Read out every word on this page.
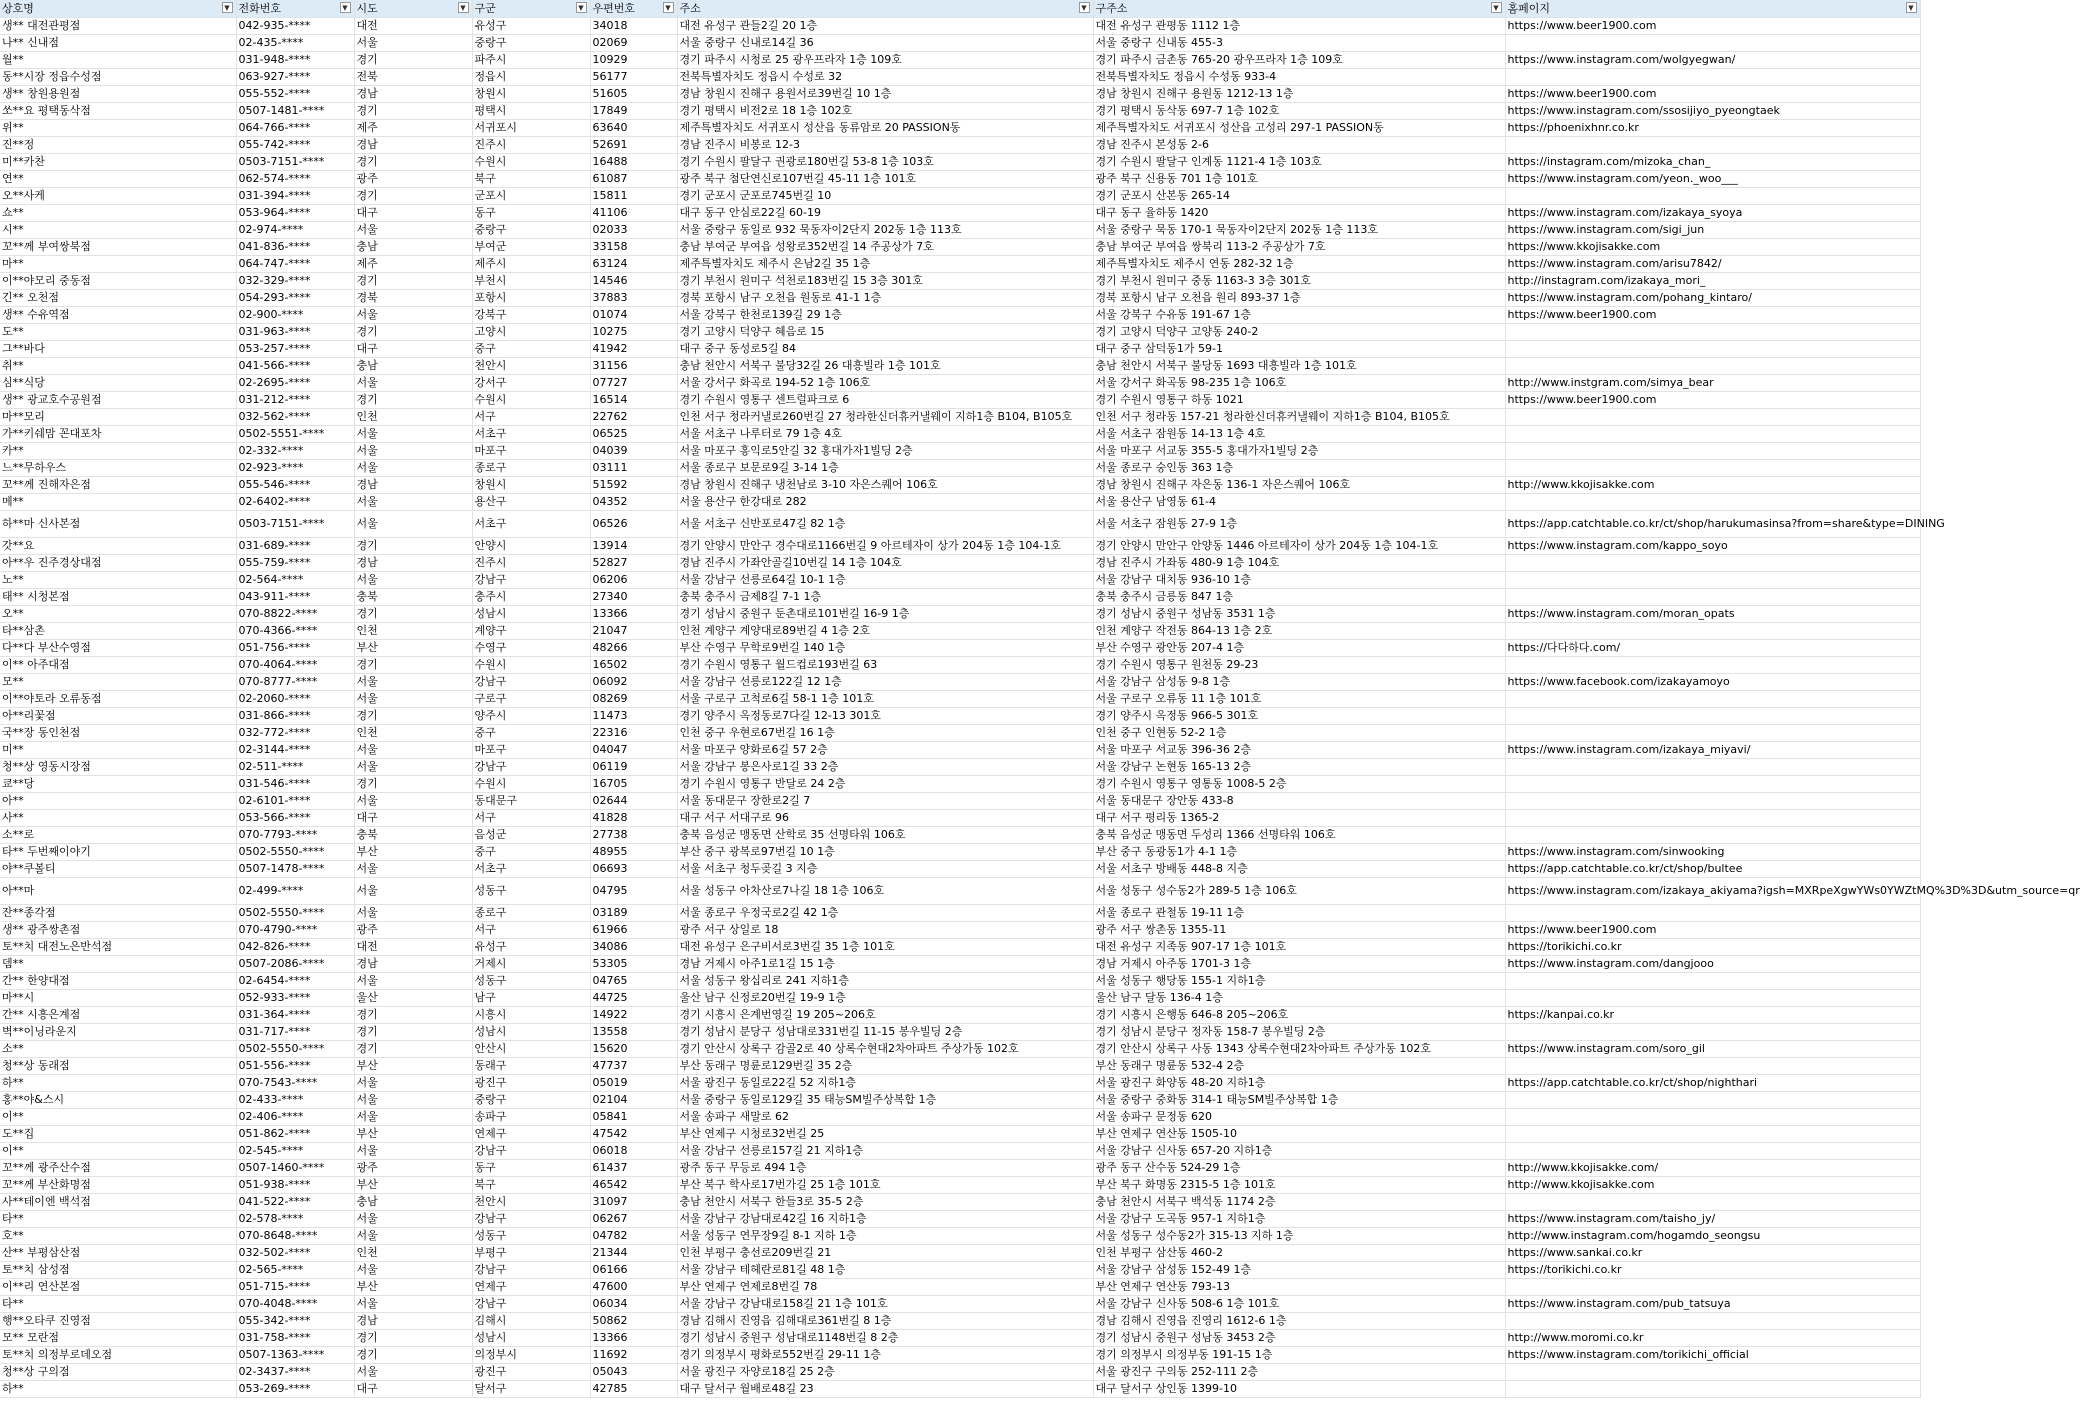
상호명 ▼	전화번호 ▼	시도 ▼	구군 ▼	우편번호 ▼	주소 ▼	구주소 ▼	홈페이지 ▼

생** 대전관평점	042-935-****	대전	유성구	34018	대전 유성구 관들2길 20 1층	대전 유성구 관평동 1112 1층	https://www.beer1900.com
나** 신내점	02-435-****	서울	중랑구	02069	서울 중랑구 신내로14길 36	서울 중랑구 신내동 455-3	
월**	031-948-****	경기	파주시	10929	경기 파주시 시청로 25 광우프라자 1층 109호	경기 파주시 금촌동 765-20 광우프라자 1층 109호	https://www.instagram.com/wolgyegwan/
동**시장 정읍수성점	063-927-****	전북	정읍시	56177	전북특별자치도 정읍시 수성로 32	전북특별자치도 정읍시 수성동 933-4	
생** 창원용원점	055-552-****	경남	창원시	51605	경남 창원시 진해구 용원서로39번길 10 1층	경남 창원시 진해구 용원동 1212-13 1층	https://www.beer1900.com
쏘**요 평택동삭점	0507-1481-****	경기	평택시	17849	경기 평택시 비전2로 18 1층 102호	경기 평택시 동삭동 697-7 1층 102호	https://www.instagram.com/ssosijiyo_pyeongtaek
위**	064-766-****	제주	서귀포시	63640	제주특별자치도 서귀포시 성산읍 동류암로 20 PASSION동	제주특별자치도 서귀포시 성산읍 고성리 297-1 PASSION동	https://phoenixhnr.co.kr
진**정	055-742-****	경남	진주시	52691	경남 진주시 비봉로 12-3	경남 진주시 본성동 2-6	
미**카찬	0503-7151-****	경기	수원시	16488	경기 수원시 팔달구 권광로180번길 53-8 1층 103호	경기 수원시 팔달구 인계동 1121-4 1층 103호	https://instagram.com/mizoka_chan_
연**	062-574-****	광주	북구	61087	광주 북구 첨단연신로107번길 45-11 1층 101호	광주 북구 신용동 701 1층 101호	https://www.instagram.com/yeon._woo___
오**사케	031-394-****	경기	군포시	15811	경기 군포시 군포로745번길 10	경기 군포시 산본동 265-14	
쇼**	053-964-****	대구	동구	41106	대구 동구 안심로22길 60-19	대구 동구 율하동 1420	https://www.instagram.com/izakaya_syoya
시**	02-974-****	서울	중랑구	02033	서울 중랑구 동일로 932 묵동자이2단지 202동 1층 113호	서울 중랑구 묵동 170-1 묵동자이2단지 202동 1층 113호	https://www.instagram.com/sigi_jun
꼬**께 부여쌍북점	041-836-****	충남	부여군	33158	충남 부여군 부여읍 성왕로352번길 14 주공상가 7호	충남 부여군 부여읍 쌍북리 113-2 주공상가 7호	https://www.kkojisakke.com
마**	064-747-****	제주	제주시	63124	제주특별자치도 제주시 은남2길 35 1층	제주특별자치도 제주시 연동 282-32 1층	https://www.instagram.com/arisu7842/
이**야모리 중동점	032-329-****	경기	부천시	14546	경기 부천시 원미구 석천로183번길 15 3층 301호	경기 부천시 원미구 중동 1163-3 3층 301호	http://instagram.com/izakaya_mori_
긴** 오천점	054-293-****	경북	포항시	37883	경북 포항시 남구 오천읍 원동로 41-1 1층	경북 포항시 남구 오천읍 원리 893-37 1층	https://www.instagram.com/pohang_kintaro/
생** 수유역점	02-900-****	서울	강북구	01074	서울 강북구 한천로139길 29 1층	서울 강북구 수유동 191-67 1층	https://www.beer1900.com
도**	031-963-****	경기	고양시	10275	경기 고양시 덕양구 혜음로 15	경기 고양시 덕양구 고양동 240-2	
그**바다	053-257-****	대구	중구	41942	대구 중구 동성로5길 84	대구 중구 삼덕동1가 59-1	
취**	041-566-****	충남	천안시	31156	충남 천안시 서북구 불당32길 26 대흥빌라 1층 101호	충남 천안시 서북구 불당동 1693 대흥빌라 1층 101호	
심**식당	02-2695-****	서울	강서구	07727	서울 강서구 화곡로 194-52 1층 106호	서울 강서구 화곡동 98-235 1층 106호	http://www.instgram.com/simya_bear
생** 광교호수공원점	031-212-****	경기	수원시	16514	경기 수원시 영통구 센트럴파크로 6	경기 수원시 영통구 하동 1021	https://www.beer1900.com
마**모리	032-562-****	인천	서구	22762	인천 서구 청라커낼로260번길 27 청라한신더휴커낼웨이 지하1층 B104, B105호	인천 서구 청라동 157-21 청라한신더휴커낼웨이 지하1층 B104, B105호	
가**키쉐맘 꼰대포차	0502-5551-****	서울	서초구	06525	서울 서초구 나루터로 79 1층 4호	서울 서초구 잠원동 14-13 1층 4호	
카**	02-332-****	서울	마포구	04039	서울 마포구 홍익로5안길 32 홍대가자1빌딩 2층	서울 마포구 서교동 355-5 홍대가자1빌딩 2층	
느**무하우스	02-923-****	서울	종로구	03111	서울 종로구 보문로9길 3-14 1층	서울 종로구 숭인동 363 1층	
꼬**께 진해자은점	055-546-****	경남	창원시	51592	경남 창원시 진해구 냉천남로 3-10 자은스퀘어 106호	경남 창원시 진해구 자은동 136-1 자은스퀘어 106호	http://www.kkojisakke.com
메**	02-6402-****	서울	용산구	04352	서울 용산구 한강대로 282	서울 용산구 남영동 61-4	
하**마 신사본점	0503-7151-****	서울	서초구	06526	서울 서초구 신반포로47길 82 1층	서울 서초구 잠원동 27-9 1층	https://app.catchtable.co.kr/ct/shop/harukumasinsa?from=share&type=DINING
갓**요	031-689-****	경기	안양시	13914	경기 안양시 만안구 경수대로1166번길 9 아르테자이 상가 204동 1층 104-1호	경기 안양시 만안구 안양동 1446 아르테자이 상가 204동 1층 104-1호	https://www.instagram.com/kappo_soyo
아**우 진주경상대점	055-759-****	경남	진주시	52827	경남 진주시 가좌안골길10번길 14 1층 104호	경남 진주시 가좌동 480-9 1층 104호	
노**	02-564-****	서울	강남구	06206	서울 강남구 선릉로64길 10-1 1층	서울 강남구 대치동 936-10 1층	
태** 시청본점	043-911-****	충북	충주시	27340	충북 충주시 금제8길 7-1 1층	충북 충주시 금릉동 847 1층	
오**	070-8822-****	경기	성남시	13366	경기 성남시 중원구 둔촌대로101번길 16-9 1층	경기 성남시 중원구 성남동 3531 1층	https://www.instagram.com/moran_opats
타**삼촌	070-4366-****	인천	계양구	21047	인천 계양구 계양대로89번길 4 1층 2호	인천 계양구 작전동 864-13 1층 2호	
다**다 부산수영점	051-756-****	부산	수영구	48266	부산 수영구 무학로9번길 140 1층	부산 수영구 광안동 207-4 1층	https://다다하다.com/
이** 아주대점	070-4064-****	경기	수원시	16502	경기 수원시 영통구 월드컵로193번길 63	경기 수원시 영통구 원천동 29-23	
모**	070-8777-****	서울	강남구	06092	서울 강남구 선릉로122길 12 1층	서울 강남구 삼성동 9-8 1층	https://www.facebook.com/izakayamoyo
이**야토라 오류동점	02-2060-****	서울	구로구	08269	서울 구로구 고척로6길 58-1 1층 101호	서울 구로구 오류동 11 1층 101호	
아**리꽃점	031-866-****	경기	양주시	11473	경기 양주시 옥정동로7다길 12-13 301호	경기 양주시 옥정동 966-5 301호	
국**장 동인천점	032-772-****	인천	중구	22316	인천 중구 우현로67번길 16 1층	인천 중구 인현동 52-2 1층	
미**	02-3144-****	서울	마포구	04047	서울 마포구 양화로6길 57 2층	서울 마포구 서교동 396-36 2층	https://www.instagram.com/izakaya_miyavi/
청**상 영동시장점	02-511-****	서울	강남구	06119	서울 강남구 봉은사로1길 33 2층	서울 강남구 논현동 165-13 2층	
쿄**당	031-546-****	경기	수원시	16705	경기 수원시 영통구 반달로 24 2층	경기 수원시 영통구 영통동 1008-5 2층	
아**	02-6101-****	서울	동대문구	02644	서울 동대문구 장한로2길 7	서울 동대문구 장안동 433-8	
사**	053-566-****	대구	서구	41828	대구 서구 서대구로 96	대구 서구 평리동 1365-2	
소**로	070-7793-****	충북	음성군	27738	충북 음성군 맹동면 산학로 35 선명타워 106호	충북 음성군 맹동면 두성리 1366 선명타워 106호	
타** 두번째이야기	0502-5550-****	부산	중구	48955	부산 중구 광복로97번길 10 1층	부산 중구 동광동1가 4-1 1층	https://www.instagram.com/sinwooking
야**쿠볼티	0507-1478-****	서울	서초구	06693	서울 서초구 청두곶길 3 지층	서울 서초구 방배동 448-8 지층	https://app.catchtable.co.kr/ct/shop/bultee
아**마	02-499-****	서울	성동구	04795	서울 성동구 아차산로7나길 18 1층 106호	서울 성동구 성수동2가 289-5 1층 106호	https://www.instagram.com/izakaya_akiyama?igsh=MXRpeXgwYWs0YWZtMQ%3D%3D&utm_source=qr
잔**종각점	0502-5550-****	서울	종로구	03189	서울 종로구 우정국로2길 42 1층	서울 종로구 관철동 19-11 1층	
생** 광주쌍촌점	070-4790-****	광주	서구	61966	광주 서구 상일로 18	광주 서구 쌍촌동 1355-11	https://www.beer1900.com
토**치 대전노은반석점	042-826-****	대전	유성구	34086	대전 유성구 은구비서로3번길 35 1층 101호	대전 유성구 지족동 907-17 1층 101호	https://torikichi.co.kr
뎀**	0507-2086-****	경남	거제시	53305	경남 거제시 아주1로1길 15 1층	경남 거제시 아주동 1701-3 1층	https://www.instagram.com/dangjooo
간** 한양대점	02-6454-****	서울	성동구	04765	서울 성동구 왕십리로 241 지하1층	서울 성동구 행당동 155-1 지하1층	
마**시	052-933-****	울산	남구	44725	울산 남구 신정로20번길 19-9 1층	울산 남구 달동 136-4 1층	
간** 시흥은계점	031-364-****	경기	시흥시	14922	경기 시흥시 은계번영길 19 205~206호	경기 시흥시 은행동 646-8 205~206호	https://kanpai.co.kr
벽**이닝라운지	031-717-****	경기	성남시	13558	경기 성남시 분당구 성남대로331번길 11-15 봉우빌딩 2층	경기 성남시 분당구 정자동 158-7 봉우빌딩 2층	
소**	0502-5550-****	경기	안산시	15620	경기 안산시 상록구 감골2로 40 상록수현대2차아파트 주상가동 102호	경기 안산시 상록구 사동 1343 상록수현대2차아파트 주상가동 102호	https://www.instagram.com/soro_gil
청**상 동래점	051-556-****	부산	동래구	47737	부산 동래구 명륜로129번길 35 2층	부산 동래구 명륜동 532-4 2층	
하**	070-7543-****	서울	광진구	05019	서울 광진구 동일로22길 52 지하1층	서울 광진구 화양동 48-20 지하1층	https://app.catchtable.co.kr/ct/shop/nighthari
홍**야&스시	02-433-****	서울	중랑구	02104	서울 중랑구 동일로129길 35 태능SM빌주상복합 1층	서울 중랑구 중화동 314-1 태능SM빌주상복합 1층	
이**	02-406-****	서울	송파구	05841	서울 송파구 새말로 62	서울 송파구 문정동 620	
도**집	051-862-****	부산	연제구	47542	부산 연제구 시청로32번길 25	부산 연제구 연산동 1505-10	
이**	02-545-****	서울	강남구	06018	서울 강남구 선릉로157길 21 지하1층	서울 강남구 신사동 657-20 지하1층	
꼬**께 광주산수점	0507-1460-****	광주	동구	61437	광주 동구 무등로 494 1층	광주 동구 산수동 524-29 1층	http://www.kkojisakke.com/
꼬**께 부산화명점	051-938-****	부산	북구	46542	부산 북구 학사로17번가길 25 1층 101호	부산 북구 화명동 2315-5 1층 101호	http://www.kkojisakke.com
사**테이엔 백석점	041-522-****	충남	천안시	31097	충남 천안시 서북구 한들3로 35-5 2층	충남 천안시 서북구 백석동 1174 2층	
타**	02-578-****	서울	강남구	06267	서울 강남구 강남대로42길 16 지하1층	서울 강남구 도곡동 957-1 지하1층	https://www.instagram.com/taisho_jy/
호**	070-8648-****	서울	성동구	04782	서울 성동구 연무장9길 8-1 지하 1층	서울 성동구 성수동2가 315-13 지하 1층	http://www.instagram.com/hogamdo_seongsu
산** 부평삼산점	032-502-****	인천	부평구	21344	인천 부평구 충선로209번길 21	인천 부평구 삼산동 460-2	https://www.sankai.co.kr
토**치 삼성점	02-565-****	서울	강남구	06166	서울 강남구 테헤란로81길 48 1층	서울 강남구 삼성동 152-49 1층	https://torikichi.co.kr
이**리 연산본점	051-715-****	부산	연제구	47600	부산 연제구 연제로8번길 78	부산 연제구 연산동 793-13	
타**	070-4048-****	서울	강남구	06034	서울 강남구 강남대로158길 21 1층 101호	서울 강남구 신사동 508-6 1층 101호	https://www.instagram.com/pub_tatsuya
행**오타쿠 진영점	055-342-****	경남	김해시	50862	경남 김해시 진영읍 김해대로361번길 8 1층	경남 김해시 진영읍 진영리 1612-6 1층	
모** 모란점	031-758-****	경기	성남시	13366	경기 성남시 중원구 성남대로1148번길 8 2층	경기 성남시 중원구 성남동 3453 2층	http://www.moromi.co.kr
토**치 의정부로데오점	0507-1363-****	경기	의정부시	11692	경기 의정부시 평화로552번길 29-11 1층	경기 의정부시 의정부동 191-15 1층	https://www.instagram.com/torikichi_official
청**상 구의점	02-3437-****	서울	광진구	05043	서울 광진구 자양로18길 25 2층	서울 광진구 구의동 252-111 2층	
하**	053-269-****	대구	달서구	42785	대구 달서구 월배로48길 23	대구 달서구 상인동 1399-10	
